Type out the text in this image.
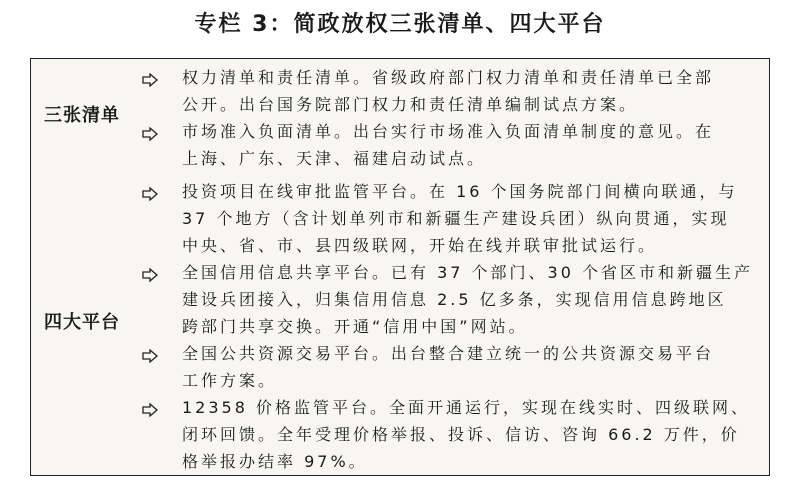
专栏 3：简政放权三张清单、四大平台
三张清单
四大平台
权力清单和责任清单。省级政府部门权力清单和责任清单已全部
公开。出台国务院部门权力和责任清单编制试点方案。
市场准入负面清单。出台实行市场准入负面清单制度的意见。在
上海、广东、天津、福建启动试点。
投资项目在线审批监管平台。在 16 个国务院部门间横向联通，与
37 个地方（含计划单列市和新疆生产建设兵团）纵向贯通，实现
中央、省、市、县四级联网，开始在线并联审批试运行。
全国信用信息共享平台。已有 37 个部门、30 个省区市和新疆生产
建设兵团接入，归集信用信息 2.5 亿多条，实现信用信息跨地区
跨部门共享交换。开通“信用中国”网站。
全国公共资源交易平台。出台整合建立统一的公共资源交易平台
工作方案。
12358 价格监管平台。全面开通运行，实现在线实时、四级联网、
闭环回馈。全年受理价格举报、投诉、信访、咨询 66.2 万件，价
格举报办结率 97%。
